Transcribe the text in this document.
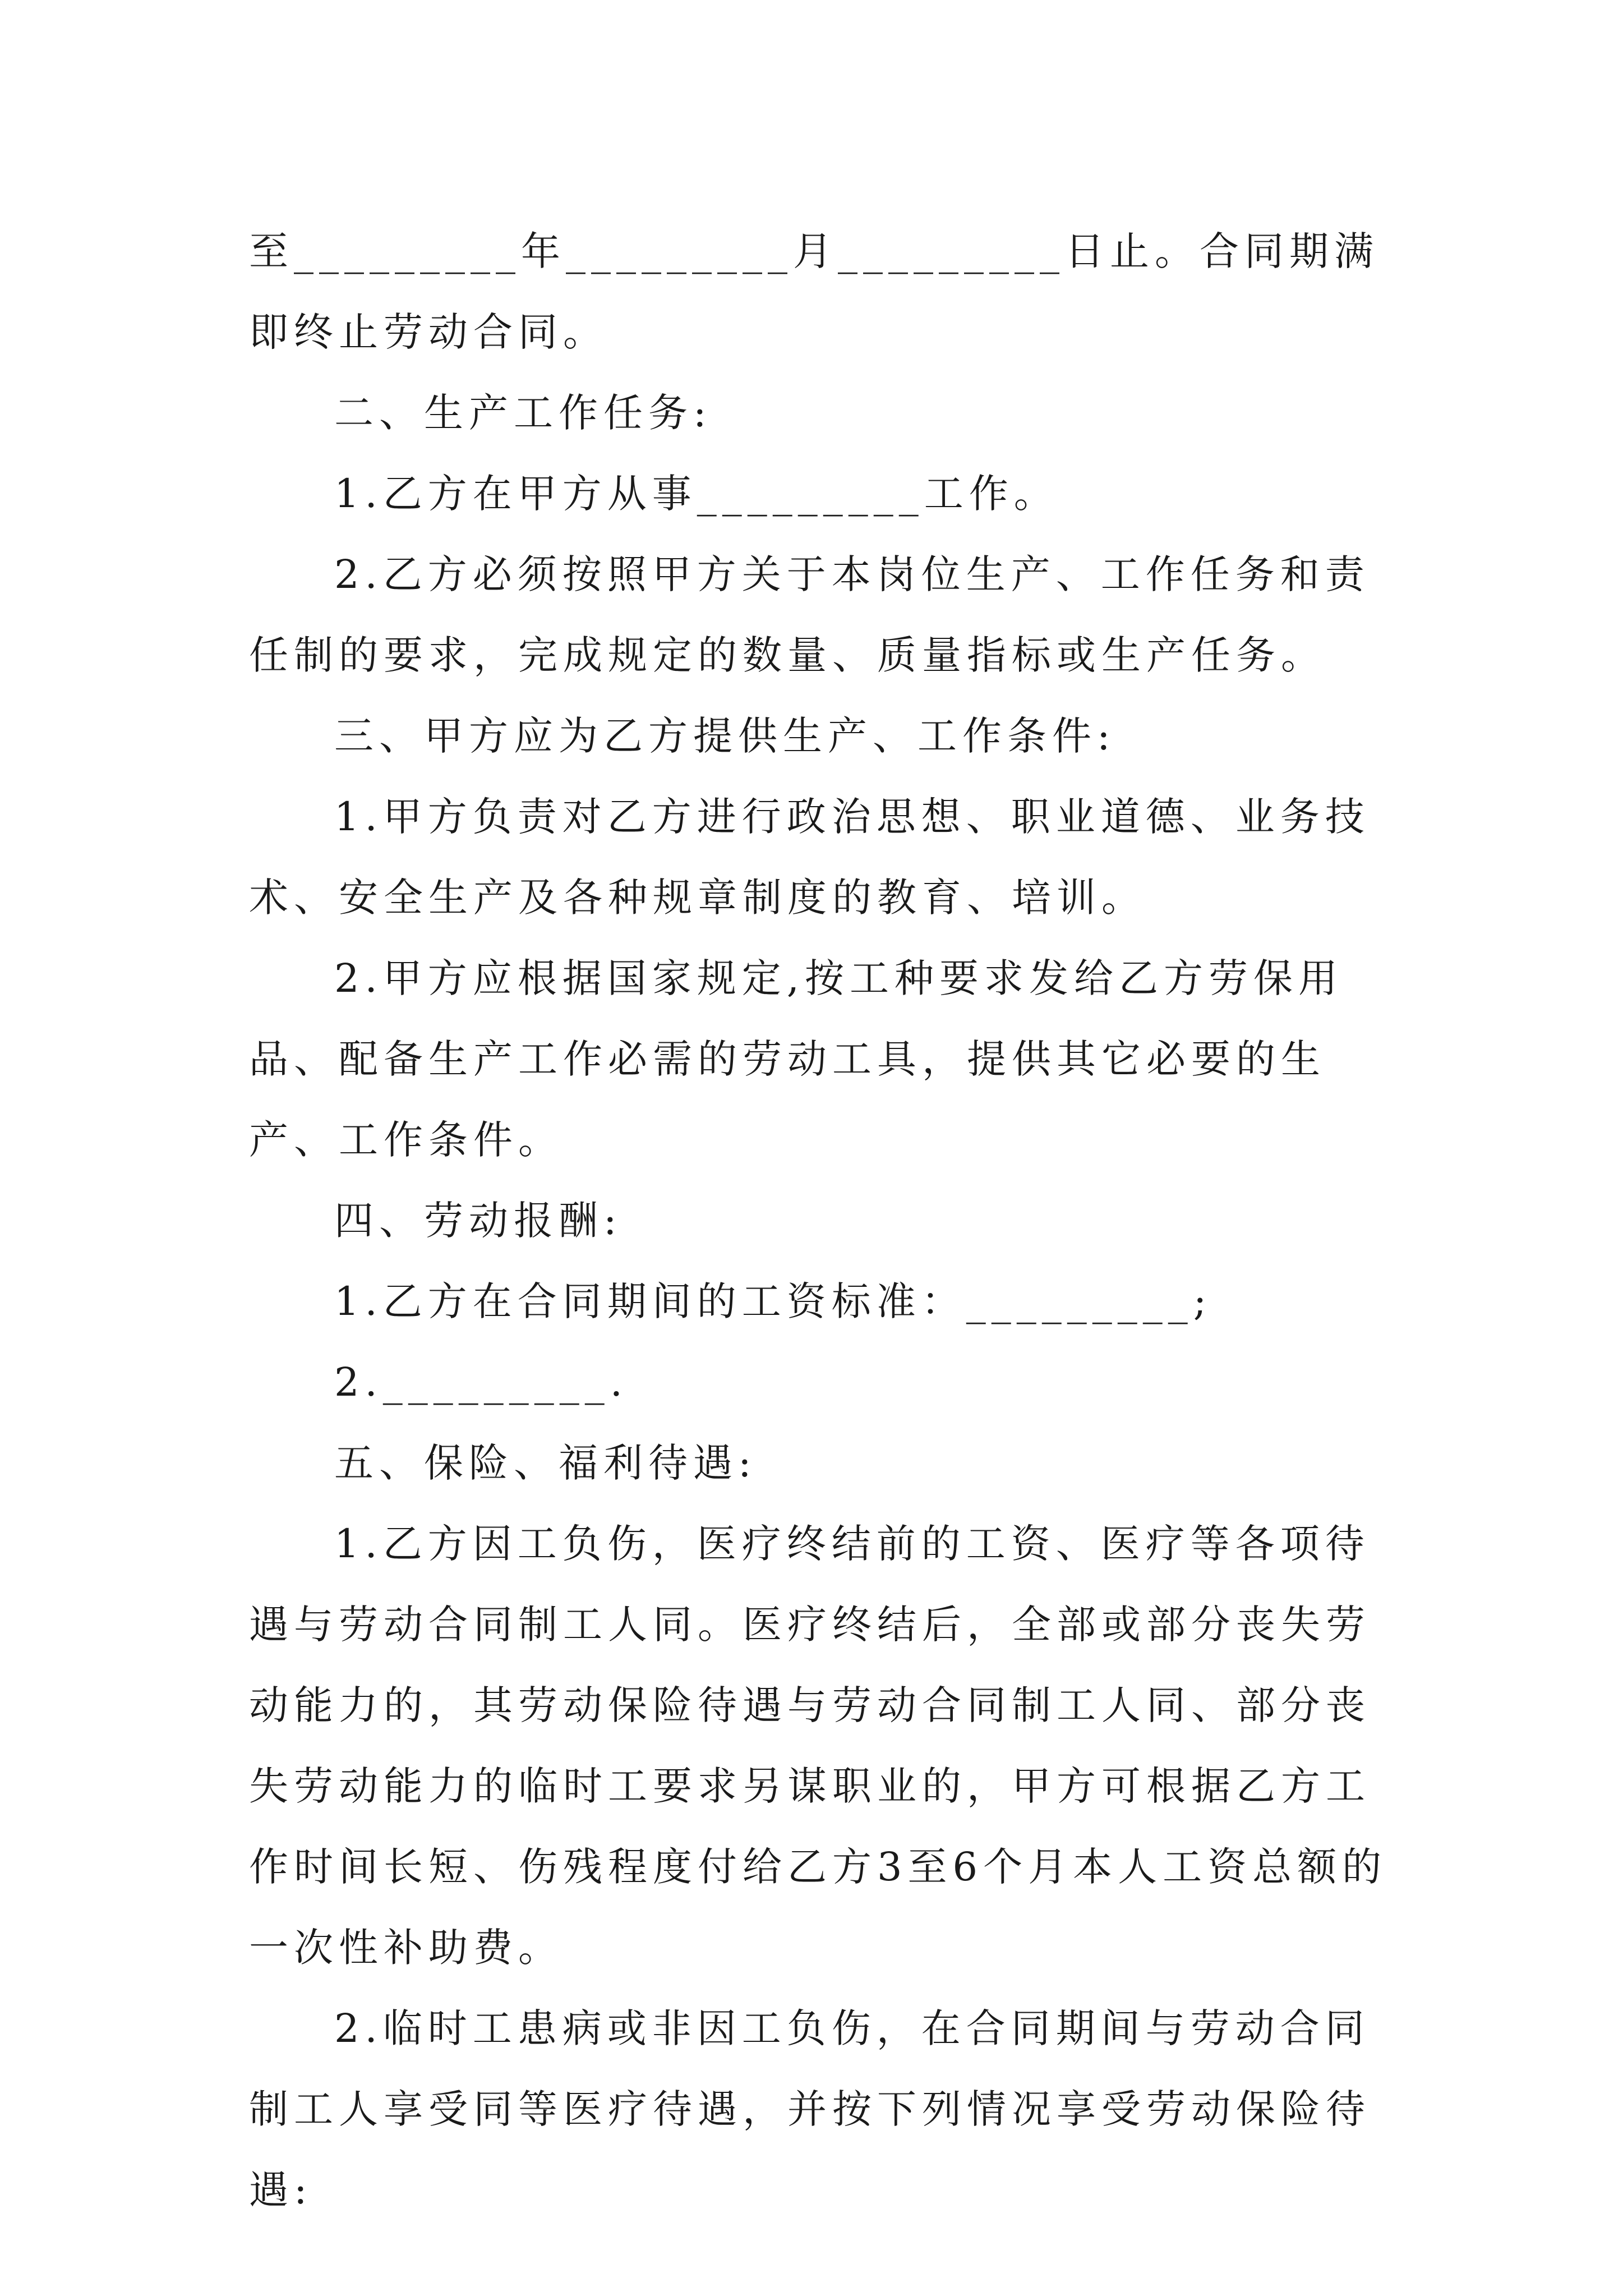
至_________年_________月_________日止。合同期满即终止劳动合同。

二、生产工作任务:

1.乙方在甲方从事_________工作。

2.乙方必须按照甲方关于本岗位生产、工作任务和责任制的要求，完成规定的数量、质量指标或生产任务。

三、甲方应为乙方提供生产、工作条件:

1.甲方负责对乙方进行政治思想、职业道德、业务技术、安全生产及各种规章制度的教育、培训。

2.甲方应根据国家规定,按工种要求发给乙方劳保用品、配备生产工作必需的劳动工具，提供其它必要的生产、工作条件。

四、劳动报酬:

1.乙方在合同期间的工资标准：_________;

2._________.

五、保险、福利待遇:

1.乙方因工负伤，医疗终结前的工资、医疗等各项待遇与劳动合同制工人同。医疗终结后，全部或部分丧失劳动能力的，其劳动保险待遇与劳动合同制工人同、部分丧失劳动能力的临时工要求另谋职业的，甲方可根据乙方工作时间长短、伤残程度付给乙方3至6个月本人工资总额的一次性补助费。

2.临时工患病或非因工负伤，在合同期间与劳动合同制工人享受同等医疗待遇，并按下列情况享受劳动保险待遇:
